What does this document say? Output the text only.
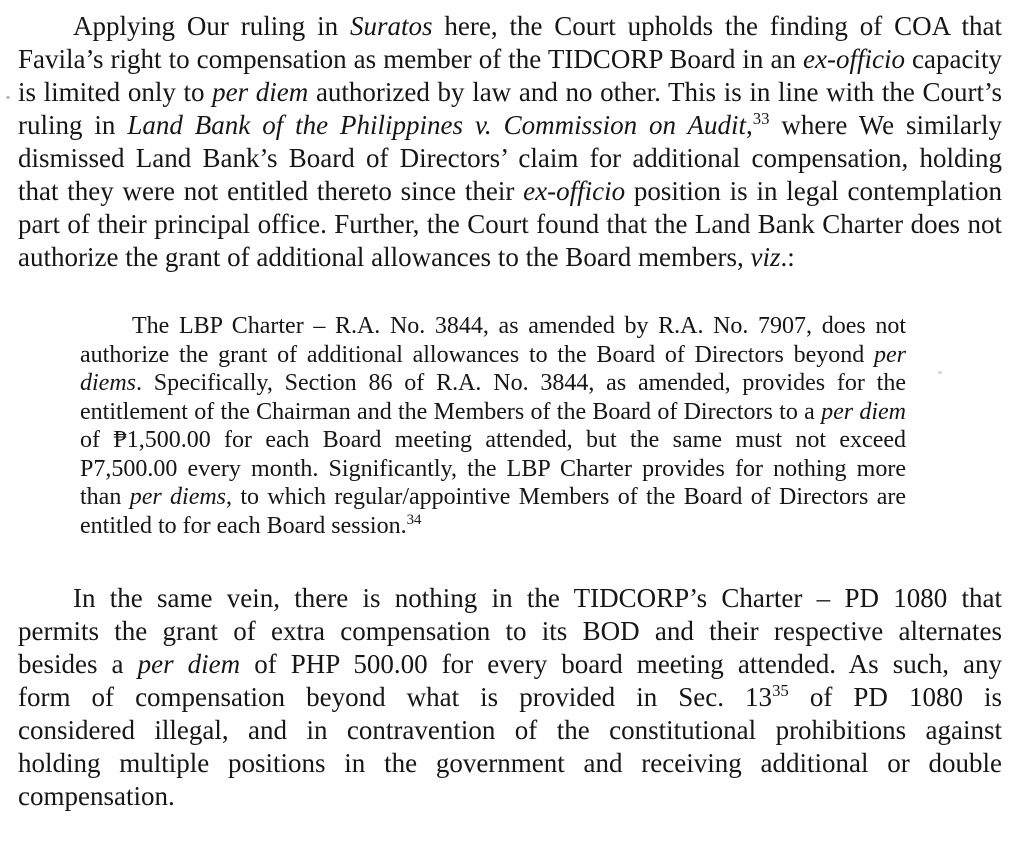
Applying Our ruling in Suratos here, the Court upholds the finding of COA that Favila’s right to compensation as member of the TIDCORP Board in an ex-officio capacity is limited only to per diem authorized by law and no other. This is in line with the Court’s ruling in Land Bank of the Philippines v. Commission on Audit,$^{33}$ where We similarly dismissed Land Bank’s Board of Directors’ claim for additional compensation, holding that they were not entitled thereto since their ex-officio position is in legal contemplation part of their principal office. Further, the Court found that the Land Bank Charter does not authorize the grant of additional allowances to the Board members, viz.:

The LBP Charter – R.A. No. 3844, as amended by R.A. No. 7907, does not authorize the grant of additional allowances to the Board of Directors beyond per diems. Specifically, Section 86 of R.A. No. 3844, as amended, provides for the entitlement of the Chairman and the Members of the Board of Directors to a per diem of ₱1,500.00 for each Board meeting attended, but the same must not exceed P7,500.00 every month. Significantly, the LBP Charter provides for nothing more than per diems, to which regular/appointive Members of the Board of Directors are entitled to for each Board session.$^{34}$

In the same vein, there is nothing in the TIDCORP’s Charter – PD 1080 that permits the grant of extra compensation to its BOD and their respective alternates besides a per diem of PHP 500.00 for every board meeting attended. As such, any form of compensation beyond what is provided in Sec. $13^{35}$ of PD 1080 is considered illegal, and in contravention of the constitutional prohibitions against holding multiple positions in the government and receiving additional or double compensation.
